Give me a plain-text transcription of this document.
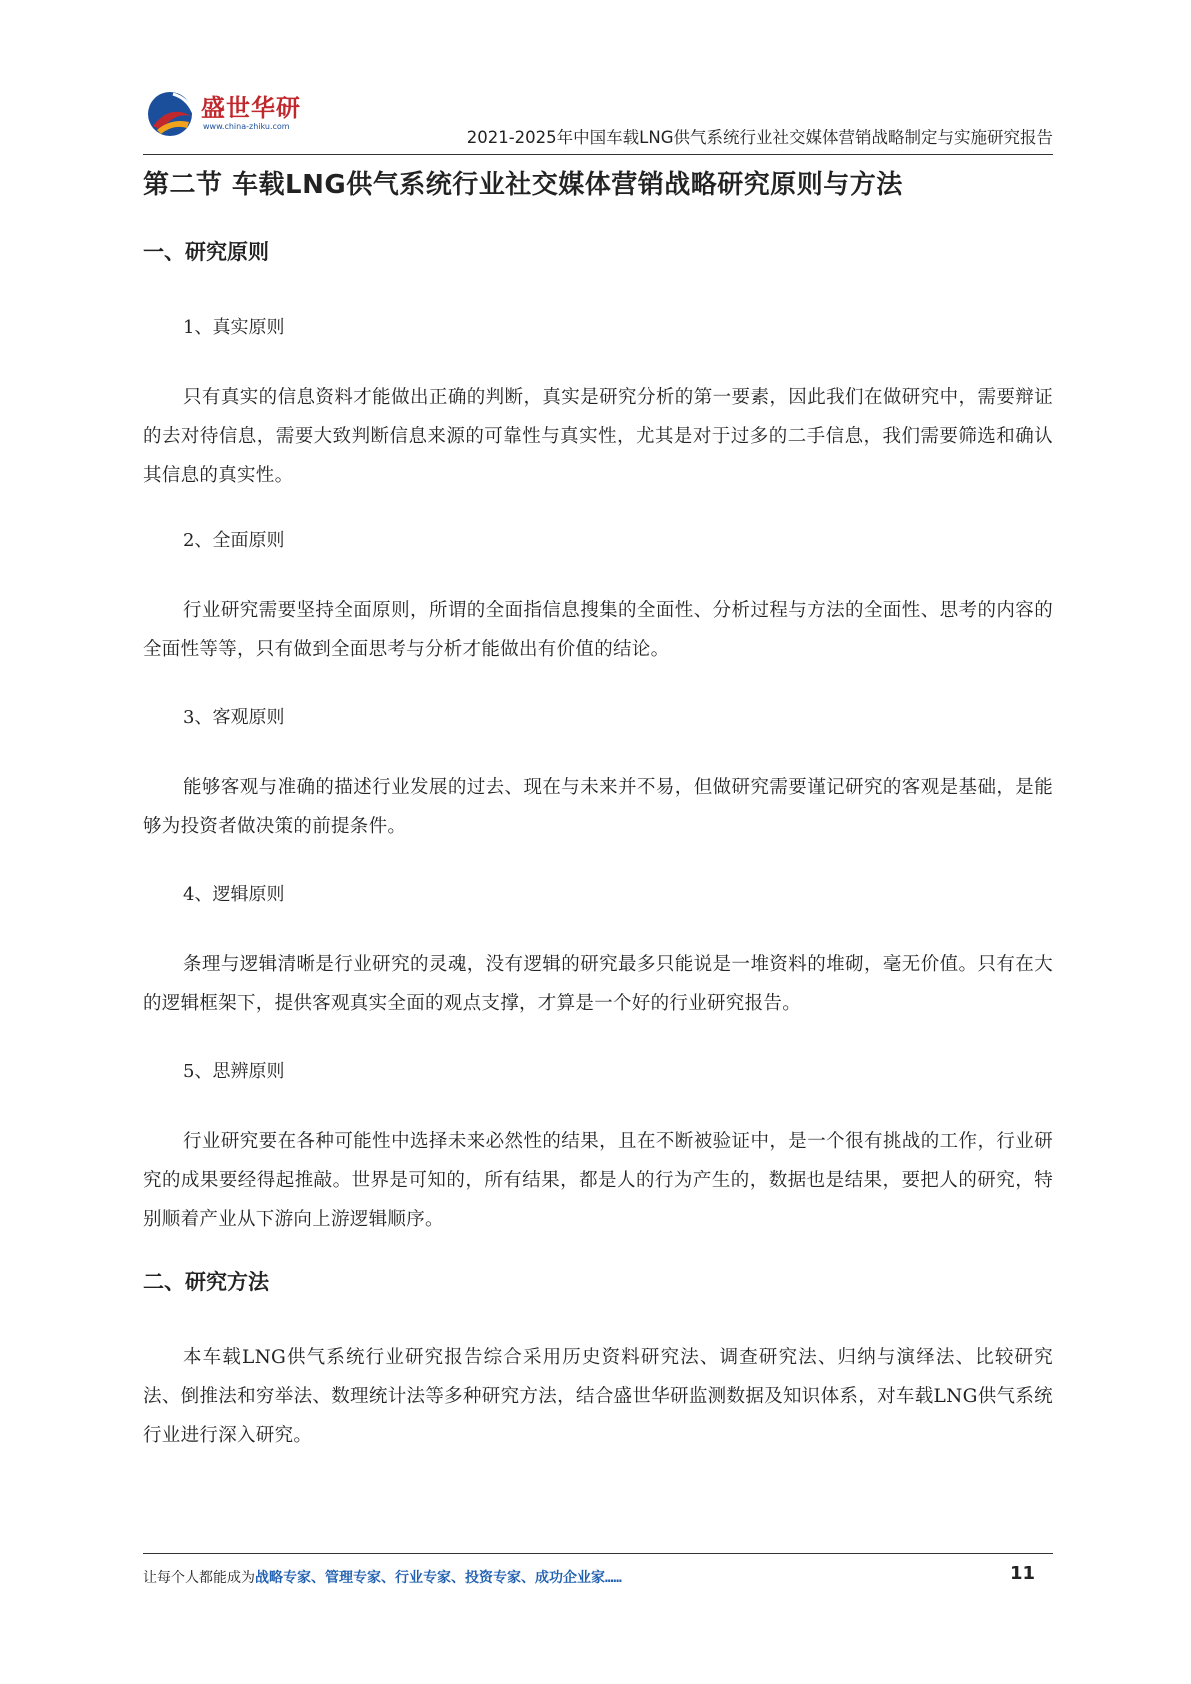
盛世华研
www.china-zhiku.com
2021-2025年中国车载LNG供气系统行业社交媒体营销战略制定与实施研究报告
第二节 车载LNG供气系统行业社交媒体营销战略研究原则与方法
一、研究原则

1、真实原则

只有真实的信息资料才能做出正确的判断，真实是研究分析的第一要素，因此我们在做研究中，需要辩证的去对待信息，需要大致判断信息来源的可靠性与真实性，尤其是对于过多的二手信息，我们需要筛选和确认其信息的真实性。

2、全面原则

行业研究需要坚持全面原则，所谓的全面指信息搜集的全面性、分析过程与方法的全面性、思考的内容的全面性等等，只有做到全面思考与分析才能做出有价值的结论。

3、客观原则

能够客观与准确的描述行业发展的过去、现在与未来并不易，但做研究需要谨记研究的客观是基础，是能够为投资者做决策的前提条件。

4、逻辑原则

条理与逻辑清晰是行业研究的灵魂，没有逻辑的研究最多只能说是一堆资料的堆砌，毫无价值。只有在大的逻辑框架下，提供客观真实全面的观点支撑，才算是一个好的行业研究报告。

5、思辨原则

行业研究要在各种可能性中选择未来必然性的结果，且在不断被验证中，是一个很有挑战的工作，行业研究的成果要经得起推敲。世界是可知的，所有结果，都是人的行为产生的，数据也是结果，要把人的研究，特别顺着产业从下游向上游逻辑顺序。

二、研究方法

本车载LNG供气系统行业研究报告综合采用历史资料研究法、调查研究法、归纳与演绎法、比较研究法、倒推法和穷举法、数理统计法等多种研究方法，结合盛世华研监测数据及知识体系，对车载LNG供气系统行业进行深入研究。

让每个人都能成为战略专家、管理专家、行业专家、投资专家、成功企业家……	11
